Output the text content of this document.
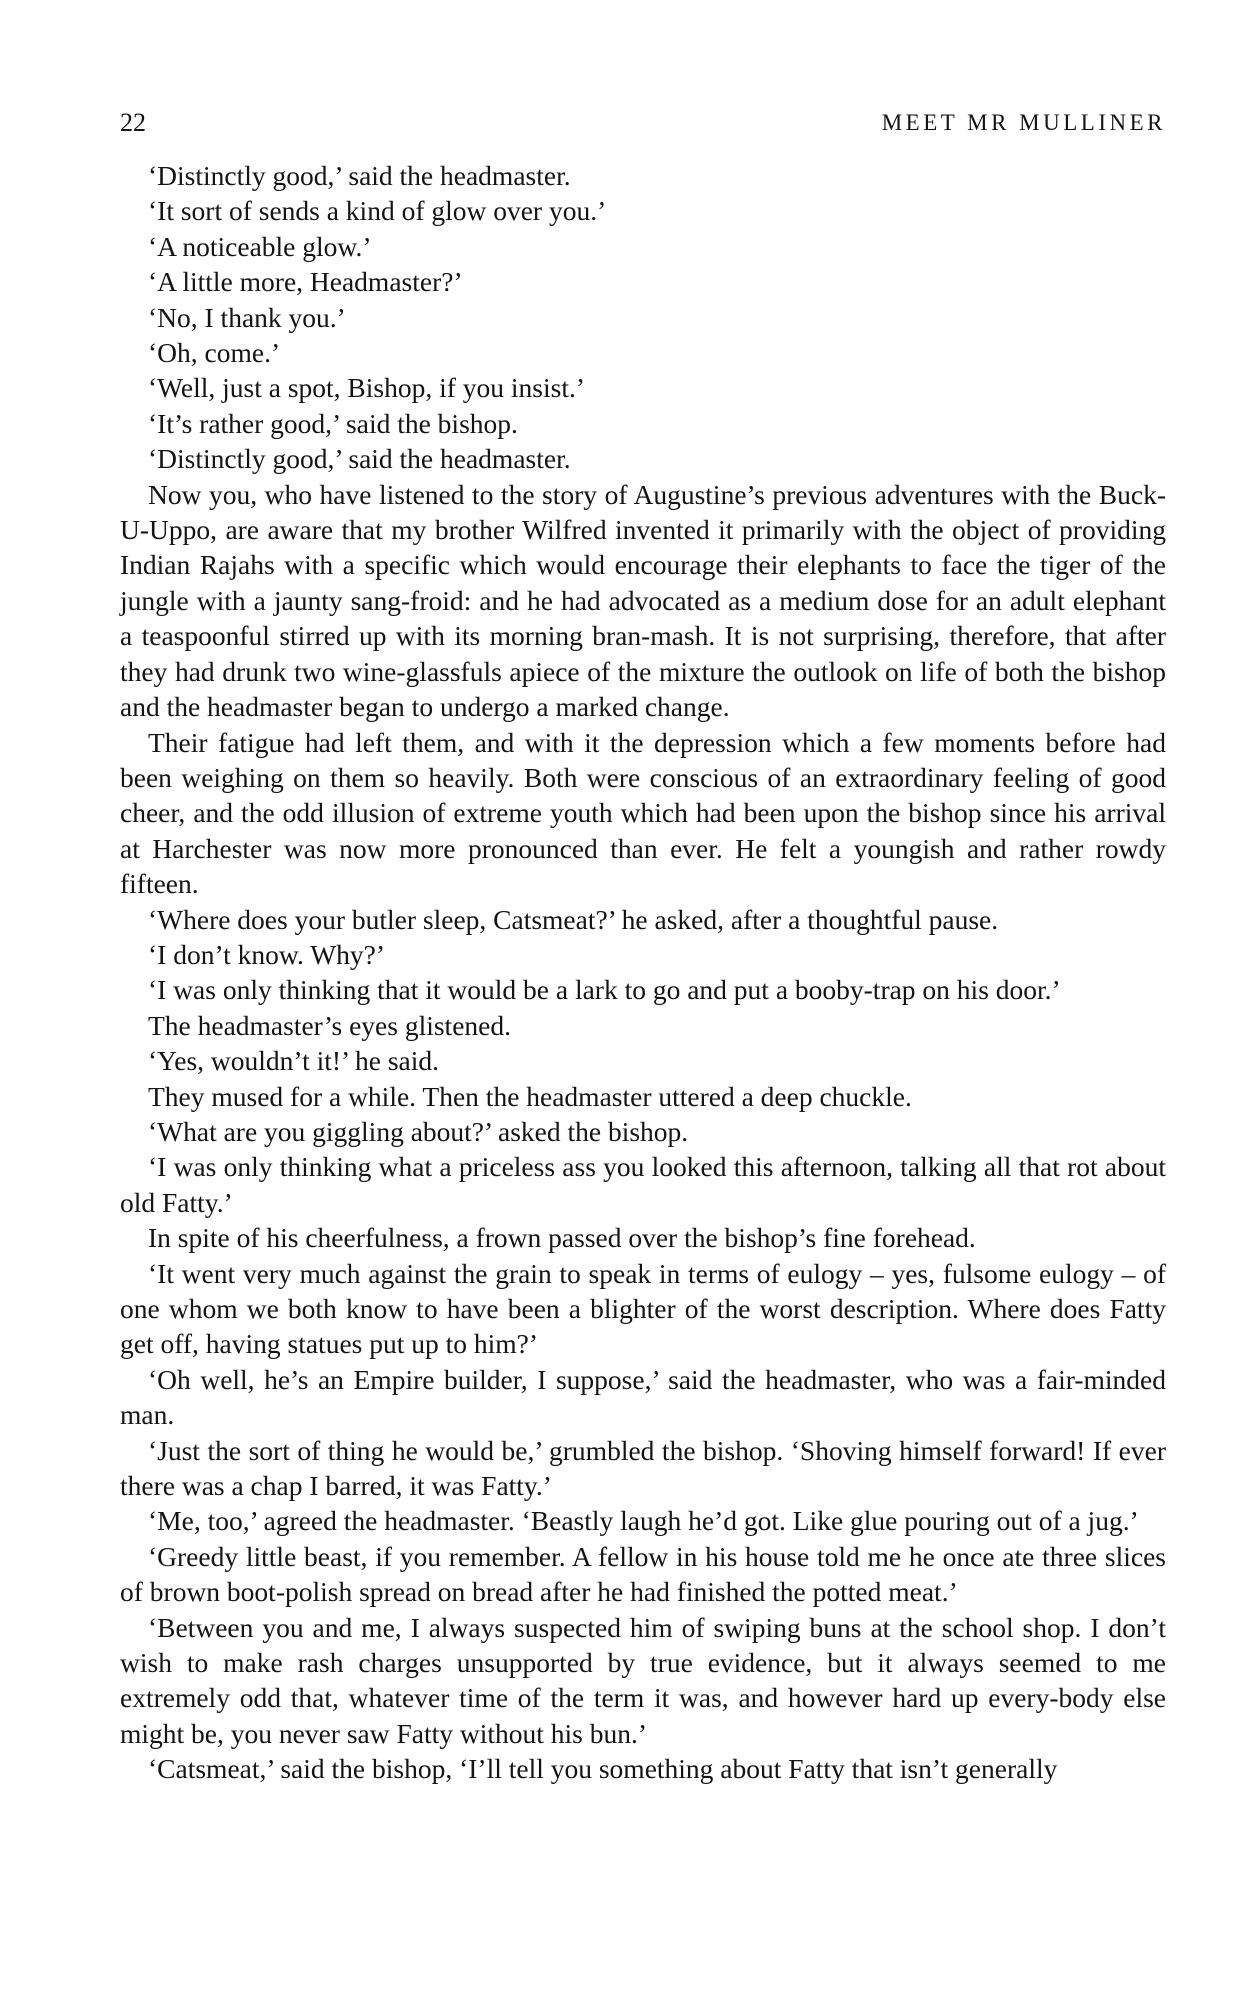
22	MEET MR MULLINER

‘Distinctly good,’ said the headmaster.

‘It sort of sends a kind of glow over you.’

‘A noticeable glow.’

‘A little more, Headmaster?’

‘No, I thank you.’

‘Oh, come.’

‘Well, just a spot, Bishop, if you insist.’

‘It’s rather good,’ said the bishop.

‘Distinctly good,’ said the headmaster.

Now you, who have listened to the story of Augustine’s previous adventures with the Buck-U-Uppo, are aware that my brother Wilfred invented it primarily with the object of providing Indian Rajahs with a specific which would encourage their elephants to face the tiger of the jungle with a jaunty sang-froid: and he had advocated as a medium dose for an adult elephant a teaspoonful stirred up with its morning bran-mash. It is not surprising, therefore, that after they had drunk two wine-glassfuls apiece of the mixture the outlook on life of both the bishop and the headmaster began to undergo a marked change.

Their fatigue had left them, and with it the depression which a few moments before had been weighing on them so heavily. Both were conscious of an extraordinary feeling of good cheer, and the odd illusion of extreme youth which had been upon the bishop since his arrival at Harchester was now more pronounced than ever. He felt a youngish and rather rowdy fifteen.

‘Where does your butler sleep, Catsmeat?’ he asked, after a thoughtful pause.

‘I don’t know. Why?’

‘I was only thinking that it would be a lark to go and put a booby-trap on his door.’

The headmaster’s eyes glistened.

‘Yes, wouldn’t it!’ he said.

They mused for a while. Then the headmaster uttered a deep chuckle.

‘What are you giggling about?’ asked the bishop.

‘I was only thinking what a priceless ass you looked this afternoon, talking all that rot about old Fatty.’

In spite of his cheerfulness, a frown passed over the bishop’s fine forehead.

‘It went very much against the grain to speak in terms of eulogy – yes, fulsome eulogy – of one whom we both know to have been a blighter of the worst description. Where does Fatty get off, having statues put up to him?’

‘Oh well, he’s an Empire builder, I suppose,’ said the headmaster, who was a fair-minded man.

‘Just the sort of thing he would be,’ grumbled the bishop. ‘Shoving himself forward! If ever there was a chap I barred, it was Fatty.’

‘Me, too,’ agreed the headmaster. ‘Beastly laugh he’d got. Like glue pouring out of a jug.’

‘Greedy little beast, if you remember. A fellow in his house told me he once ate three slices of brown boot-polish spread on bread after he had finished the potted meat.’

‘Between you and me, I always suspected him of swiping buns at the school shop. I don’t wish to make rash charges unsupported by true evidence, but it always seemed to me extremely odd that, whatever time of the term it was, and however hard up every-body else might be, you never saw Fatty without his bun.’

‘Catsmeat,’ said the bishop, ‘I’ll tell you something about Fatty that isn’t generally
